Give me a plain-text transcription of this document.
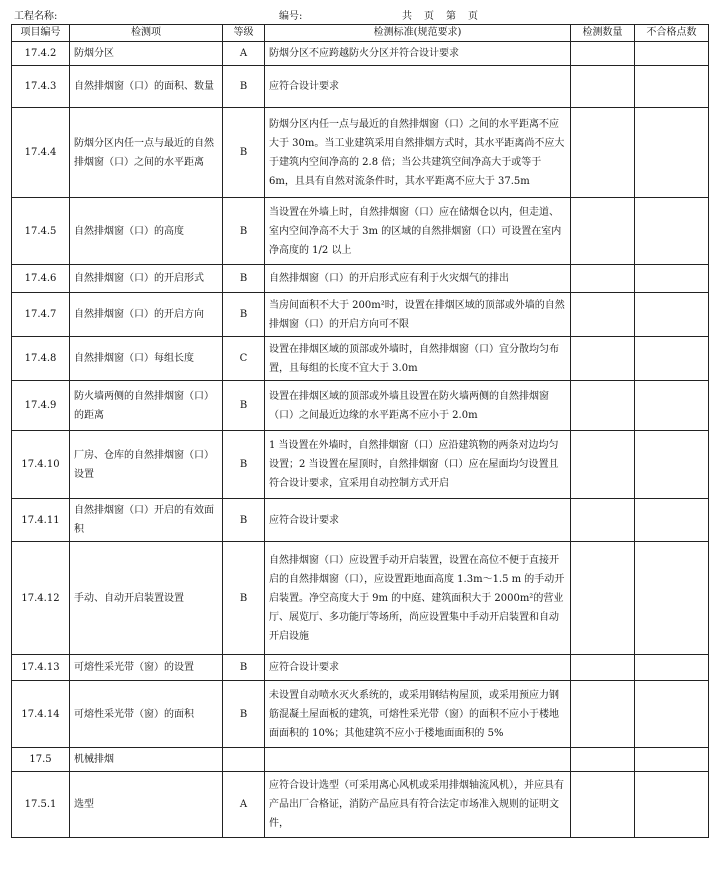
工程名称:	编号:	共　页　第　页
项目编号	检测项	等级	检测标准(规范要求)	检测数量	不合格点数
17.4.2	防烟分区	A	防烟分区不应跨越防火分区并符合设计要求		
17.4.3	自然排烟窗（口）的面积、数量	B	应符合设计要求		
17.4.4	防烟分区内任一点与最近的自然排烟窗（口）之间的水平距离	B	防烟分区内任一点与最近的自然排烟窗（口）之间的水平距离不应大于 30m。当工业建筑采用自然排烟方式时，其水平距离尚不应大于建筑内空间净高的 2.8 倍；当公共建筑空间净高大于或等于 6m，且具有自然对流条件时，其水平距离不应大于 37.5m		
17.4.5	自然排烟窗（口）的高度	B	当设置在外墙上时，自然排烟窗（口）应在储烟仓以内，但走道、室内空间净高不大于 3m 的区域的自然排烟窗（口）可设置在室内净高度的 1/2 以上		
17.4.6	自然排烟窗（口）的开启形式	B	自然排烟窗（口）的开启形式应有利于火灾烟气的排出		
17.4.7	自然排烟窗（口）的开启方向	B	当房间面积不大于 200m²时，设置在排烟区域的顶部或外墙的自然排烟窗（口）的开启方向可不限		
17.4.8	自然排烟窗（口）每组长度	C	设置在排烟区域的顶部或外墙时，自然排烟窗（口）宜分散均匀布置，且每组的长度不宜大于 3.0m		
17.4.9	防火墙两侧的自然排烟窗（口）的距离	B	设置在排烟区域的顶部或外墙且设置在防火墙两侧的自然排烟窗（口）之间最近边缘的水平距离不应小于 2.0m		
17.4.10	厂房、仓库的自然排烟窗（口）设置	B	1 当设置在外墙时，自然排烟窗（口）应沿建筑物的两条对边均匀设置；2 当设置在屋顶时，自然排烟窗（口）应在屋面均匀设置且符合设计要求，宜采用自动控制方式开启		
17.4.11	自然排烟窗（口）开启的有效面积	B	应符合设计要求		
17.4.12	手动、自动开启装置设置	B	自然排烟窗（口）应设置手动开启装置，设置在高位不便于直接开启的自然排烟窗（口），应设置距地面高度 1.3m～1.5 m 的手动开启装置。净空高度大于 9m 的中庭、建筑面积大于 2000m²的营业厅、展览厅、多功能厅等场所，尚应设置集中手动开启装置和自动开启设施		
17.4.13	可熔性采光带（窗）的设置	B	应符合设计要求		
17.4.14	可熔性采光带（窗）的面积	B	未设置自动喷水灭火系统的，或采用钢结构屋顶，或采用预应力钢筋混凝土屋面板的建筑，可熔性采光带（窗）的面积不应小于楼地面面积的 10%；其他建筑不应小于楼地面面积的 5%		
17.5	机械排烟				
17.5.1	选型	A	应符合设计选型（可采用离心风机或采用排烟轴流风机），并应具有产品出厂合格证，消防产品应具有符合法定市场准入规则的证明文件，		
